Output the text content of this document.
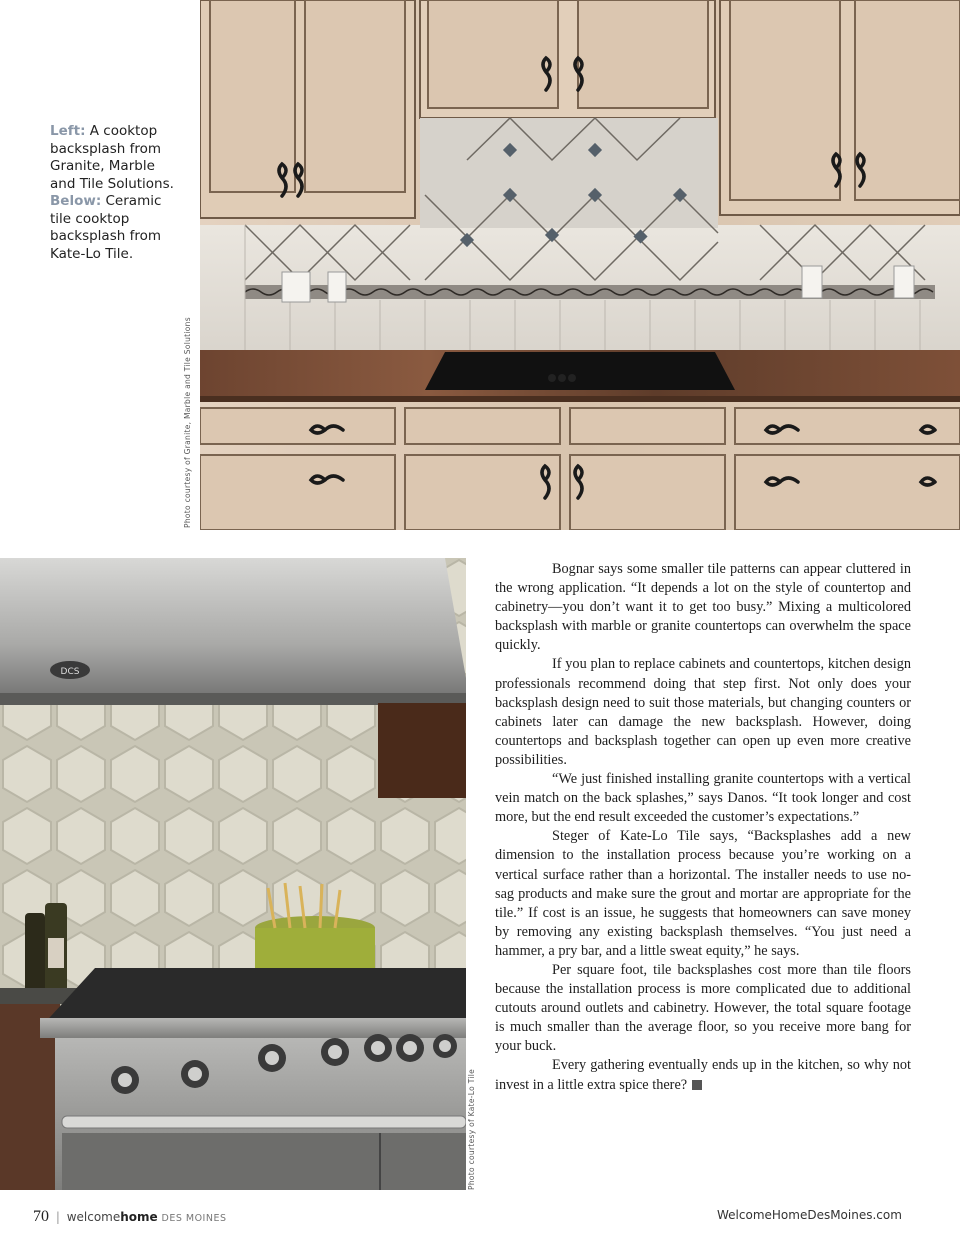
Left: A cooktop backsplash from Granite, Marble and Tile Solutions. Below: Ceramic tile cooktop backsplash from Kate-Lo Tile.
Photo courtesy of Granite, Marble and Tile Solutions
DCS
Photo courtesy of Kate-Lo Tile

Bognar says some smaller tile patterns can appear cluttered in the wrong application. “It depends a lot on the style of countertop and cabinetry—you don’t want it to get too busy.” Mixing a multicolored backsplash with marble or granite countertops can overwhelm the space quickly.

If you plan to replace cabinets and countertops, kitchen design professionals recommend doing that step first. Not only does your backsplash design need to suit those materials, but changing counters or cabinets later can damage the new backsplash. However, doing countertops and backsplash together can open up even more creative possibilities.

“We just finished installing granite countertops with a vertical vein match on the back splashes,” says Danos. “It took longer and cost more, but the end result exceeded the customer’s expectations.”

Steger of Kate-Lo Tile says, “Backsplashes add a new dimension to the installation process because you’re working on a vertical surface rather than a horizontal. The installer needs to use no-sag products and make sure the grout and mortar are appropriate for the tile.” If cost is an issue, he suggests that homeowners can save money by removing any existing backsplash themselves. “You just need a hammer, a pry bar, and a little sweat equity,” he says.

Per square foot, tile backsplashes cost more than tile floors because the installation process is more complicated due to additional cutouts around outlets and cabinetry. However, the total square footage is much smaller than the average floor, so you receive more bang for your buck.

Every gathering eventually ends up in the kitchen, so why not invest in a little extra spice there?

70 | welcomehome DES MOINES	WelcomeHomeDesMoines.com
